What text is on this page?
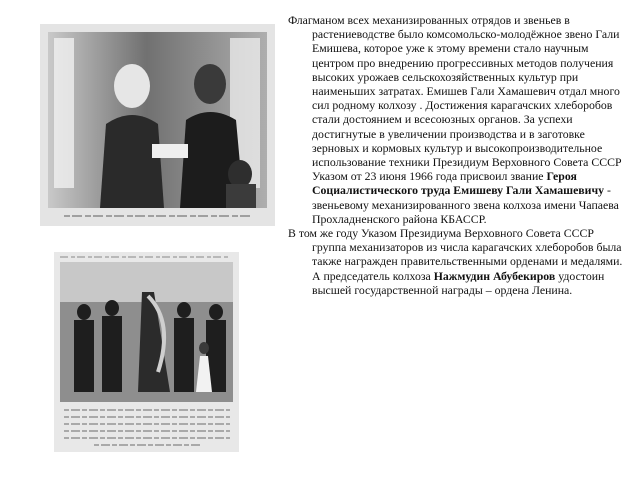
Флагманом всех механизированных отрядов и звеньев в растениеводстве было комсомольско-молодёжное звено Гали Емишева, которое уже к этому времени стало научным центром про внедрению прогрессивных методов получения высоких урожаев сельскохозяйственных культур при наименьших затратах. Емишев Гали Хамашевич отдал много сил родному колхозу . Достижения карагачских хлеборобов стали достоянием и всесоюзных органов. За успехи достигнутые в увеличении производства и в заготовке зерновых и кормовых культур и высокопроизводительное использование техники Президиум Верховного Совета СССР Указом от 23 июня 1966 года присвоил звание Героя Социалистического труда Емишеву Гали Хамашевичу - звеньевому механизированного звена колхоза имени Чапаева Прохладненского района КБАССР.

В том же году Указом Президиума Верховного Совета СССР группа механизаторов из числа карагачских хлеборобов была также награжден правительственными орденами и медалями. А председатель колхоза Нажмудин Абубекиров удостоин высшей государственной награды – ордена Ленина.
